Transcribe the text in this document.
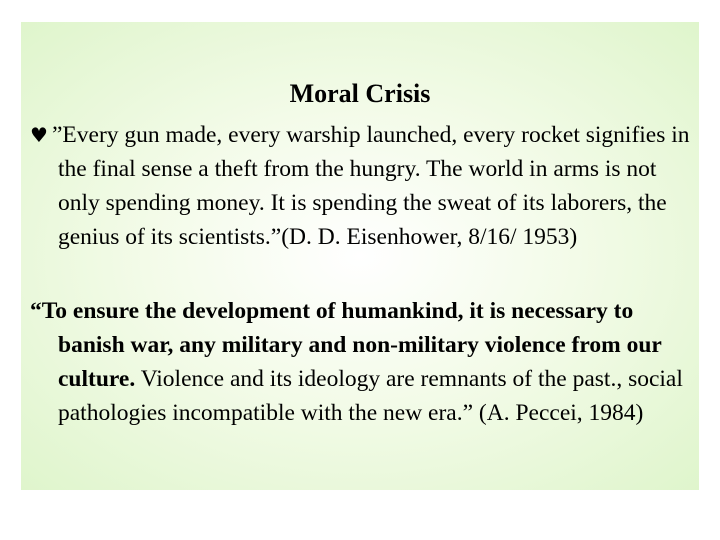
Moral Crisis
♥ ”Every gun made, every warship launched, every rocket signifies in the final sense a theft from the hungry. The world in arms is not only spending money. It is spending the sweat of its laborers, the genius of its scientists.”(D. D. Eisenhower, 8/16/ 1953)
“To ensure the development of humankind, it is necessary to banish war, any military and non-military violence from our culture. Violence and its ideology are remnants of the past., social pathologies incompatible with the new era.” (A. Peccei, 1984)
